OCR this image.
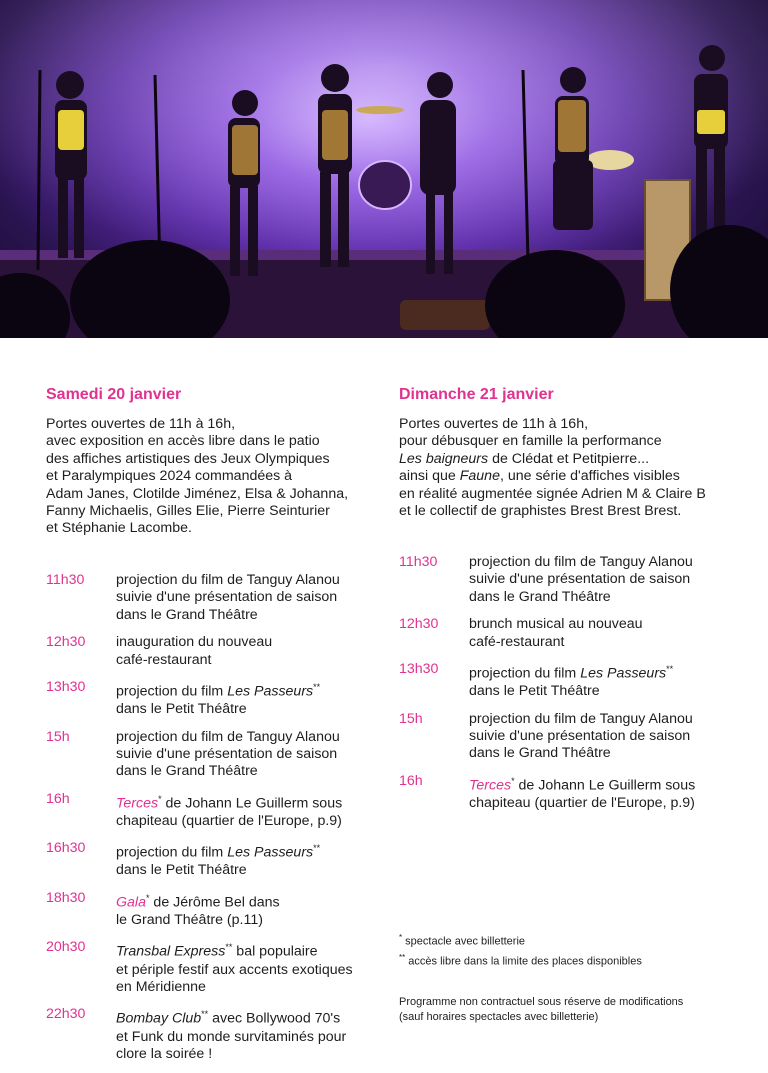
Samedi 20 janvier

Portes ouvertes de 11h à 16h,
avec exposition en accès libre dans le patio
des affiches artistiques des Jeux Olympiques
et Paralympiques 2024 commandées à
Adam Janes, Clotilde Jiménez, Elsa & Johanna,
Fanny Michaelis, Gilles Elie, Pierre Seinturier
et Stéphanie Lacombe.

11h30	projection du film de Tanguy Alanou
suivie d'une présentation de saison
dans le Grand Théâtre
12h30	inauguration du nouveau
café-restaurant
13h30	projection du film Les Passeurs**
dans le Petit Théâtre
15h	projection du film de Tanguy Alanou
suivie d'une présentation de saison
dans le Grand Théâtre
16h	Terces* de Johann Le Guillerm sous
chapiteau (quartier de l'Europe, p.9)
16h30	projection du film Les Passeurs**
dans le Petit Théâtre
18h30	Gala* de Jérôme Bel dans
le Grand Théâtre (p.11)
20h30	Transbal Express** bal populaire
et périple festif aux accents exotiques
en Méridienne
22h30	Bombay Club** avec Bollywood 70's
et Funk du monde survitaminés pour
clore la soirée !
Dimanche 21 janvier

Portes ouvertes de 11h à 16h,
pour débusquer en famille la performance
Les baigneurs de Clédat et Petitpierre...
ainsi que Faune, une série d'affiches visibles
en réalité augmentée signée Adrien M & Claire B
et le collectif de graphistes Brest Brest Brest.

11h30	projection du film de Tanguy Alanou
suivie d'une présentation de saison
dans le Grand Théâtre
12h30	brunch musical au nouveau
café-restaurant
13h30	projection du film Les Passeurs**
dans le Petit Théâtre
15h	projection du film de Tanguy Alanou
suivie d'une présentation de saison
dans le Grand Théâtre
16h	Terces* de Johann Le Guillerm sous
chapiteau (quartier de l'Europe, p.9)
* spectacle avec billetterie
** accès libre dans la limite des places disponibles
Programme non contractuel sous réserve de modifications
(sauf horaires spectacles avec billetterie)
